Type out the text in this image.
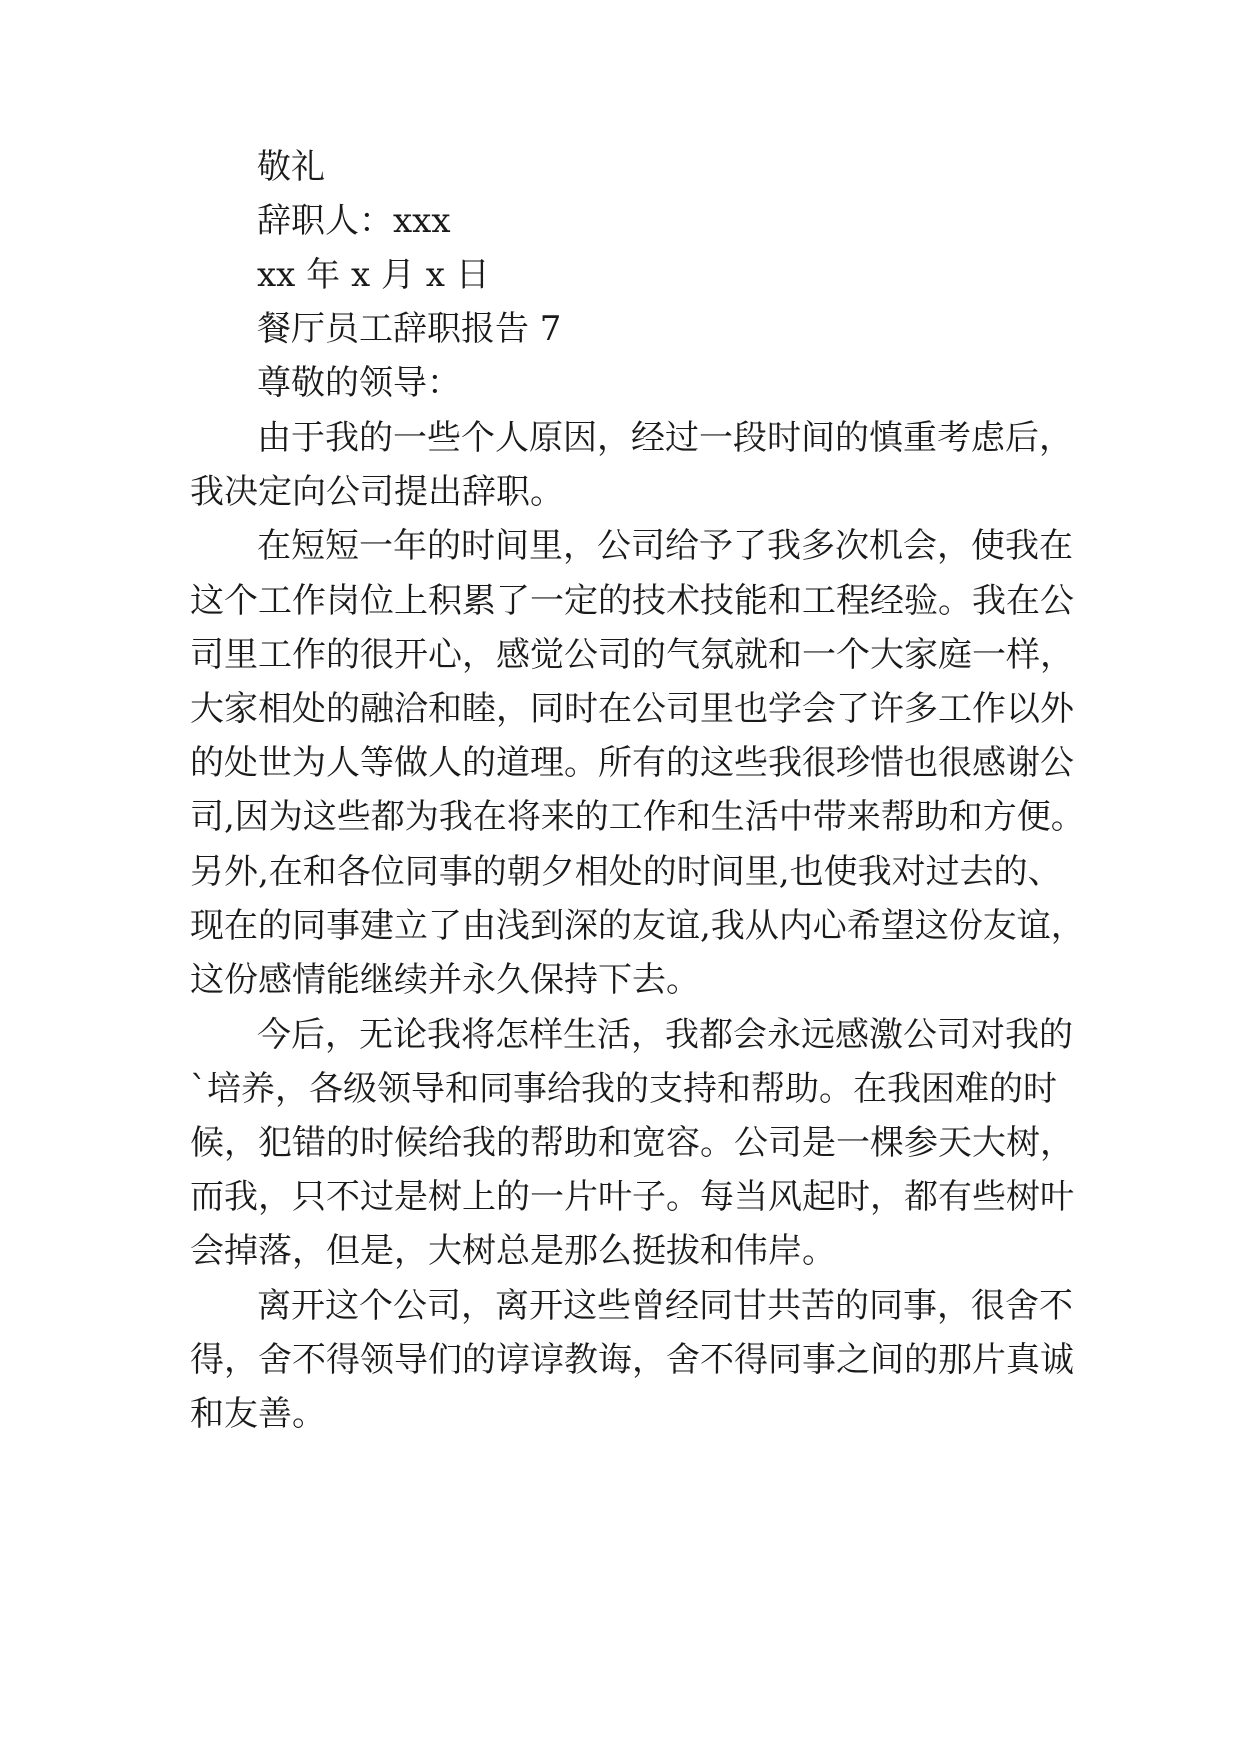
敬礼
辞职人：xxx
xx 年 x 月 x 日
餐厅员工辞职报告 7
尊敬的领导：
由于我的一些个人原因，经过一段时间的慎重考虑后，
我决定向公司提出辞职。
在短短一年的时间里，公司给予了我多次机会，使我在
这个工作岗位上积累了一定的技术技能和工程经验。我在公
司里工作的很开心，感觉公司的气氛就和一个大家庭一样，
大家相处的融洽和睦，同时在公司里也学会了许多工作以外
的处世为人等做人的道理。所有的这些我很珍惜也很感谢公
司,因为这些都为我在将来的工作和生活中带来帮助和方便。
另外,在和各位同事的朝夕相处的时间里,也使我对过去的、
现在的同事建立了由浅到深的友谊,我从内心希望这份友谊，
这份感情能继续并永久保持下去。
今后，无论我将怎样生活，我都会永远感激公司对我的
`培养，各级领导和同事给我的支持和帮助。在我困难的时
候，犯错的时候给我的帮助和宽容。公司是一棵参天大树，
而我，只不过是树上的一片叶子。每当风起时，都有些树叶
会掉落，但是，大树总是那么挺拔和伟岸。
离开这个公司，离开这些曾经同甘共苦的同事，很舍不
得，舍不得领导们的谆谆教诲，舍不得同事之间的那片真诚
和友善。
